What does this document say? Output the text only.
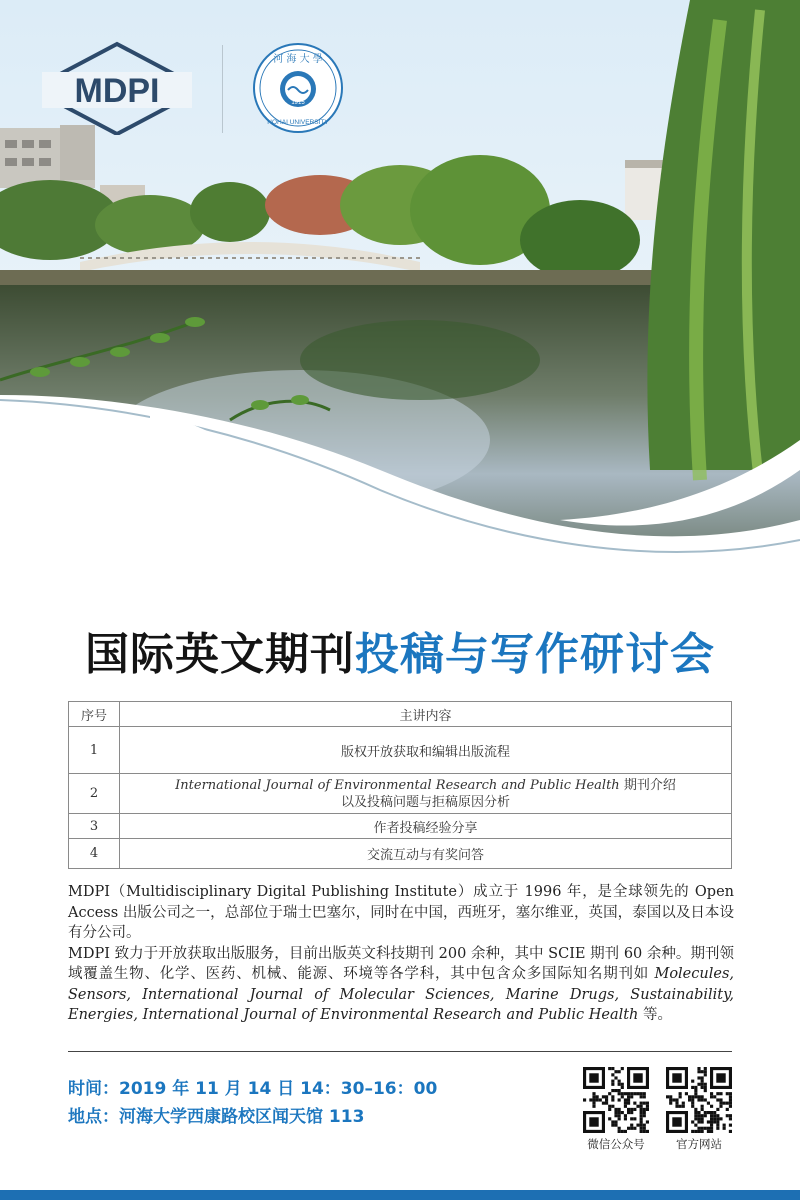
MDPI
河 海 大 學
HOHAI UNIVERSITY
1915
国际英文期刊投稿与写作研讨会
序号	主讲内容
1	版权开放获取和编辑出版流程
2	International Journal of Environmental Research and Public Health 期刊介绍
以及投稿问题与拒稿原因分析
3	作者投稿经验分享
4	交流互动与有奖问答

MDPI（Multidisciplinary Digital Publishing Institute）成立于 1996 年，是全球领先的 Open Access 出版公司之一，总部位于瑞士巴塞尔，同时在中国，西班牙，塞尔维亚，英国，泰国以及日本设有分公司。

MDPI 致力于开放获取出版服务，目前出版英文科技期刊 200 余种，其中 SCIE 期刊 60 余种。期刊领域覆盖生物、化学、医药、机械、能源、环境等各学科，其中包含众多国际知名期刊如 Molecules, Sensors, International Journal of Molecular Sciences, Marine Drugs, Sustainability, Energies, International Journal of Environmental Research and Public Health 等。

时间：2019 年 11 月 14 日 14：30–16：00
地点：河海大学西康路校区闻天馆 113
微信公众号	官方网站
